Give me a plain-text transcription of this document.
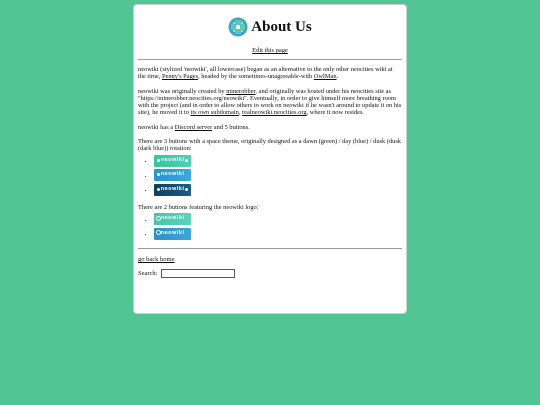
About Us
Edit this page

neowiki (stylized 'neowiki', all lowercase) began as an alternative to the only other neocities wiki at the time, Penny's Pages, headed by the sometimes-unagreeable-with OwlMan.

neowiki was originally created by minerobber, and originally was hosted under his neocities site as "https://minerobber.neocities.org/neowiki". Eventually, in order to give himself more breathing room with the project (and in order to allow others to work on neowiki if he wasn't around to update it on his site), he moved it to its own subdomain, realneowiki.neocities.org, where it now resides.

neowiki has a Discord server and 5 buttons.

There are 3 buttons with a space theme, originally designed as a dawn (green) / day (blue) / dusk (dusk (dark blue)) rotation:

• neowiki
• neowiki
• neowiki

There are 2 buttons featuring the neowiki logo:

• neowiki
• neowiki
go back home
Search:
